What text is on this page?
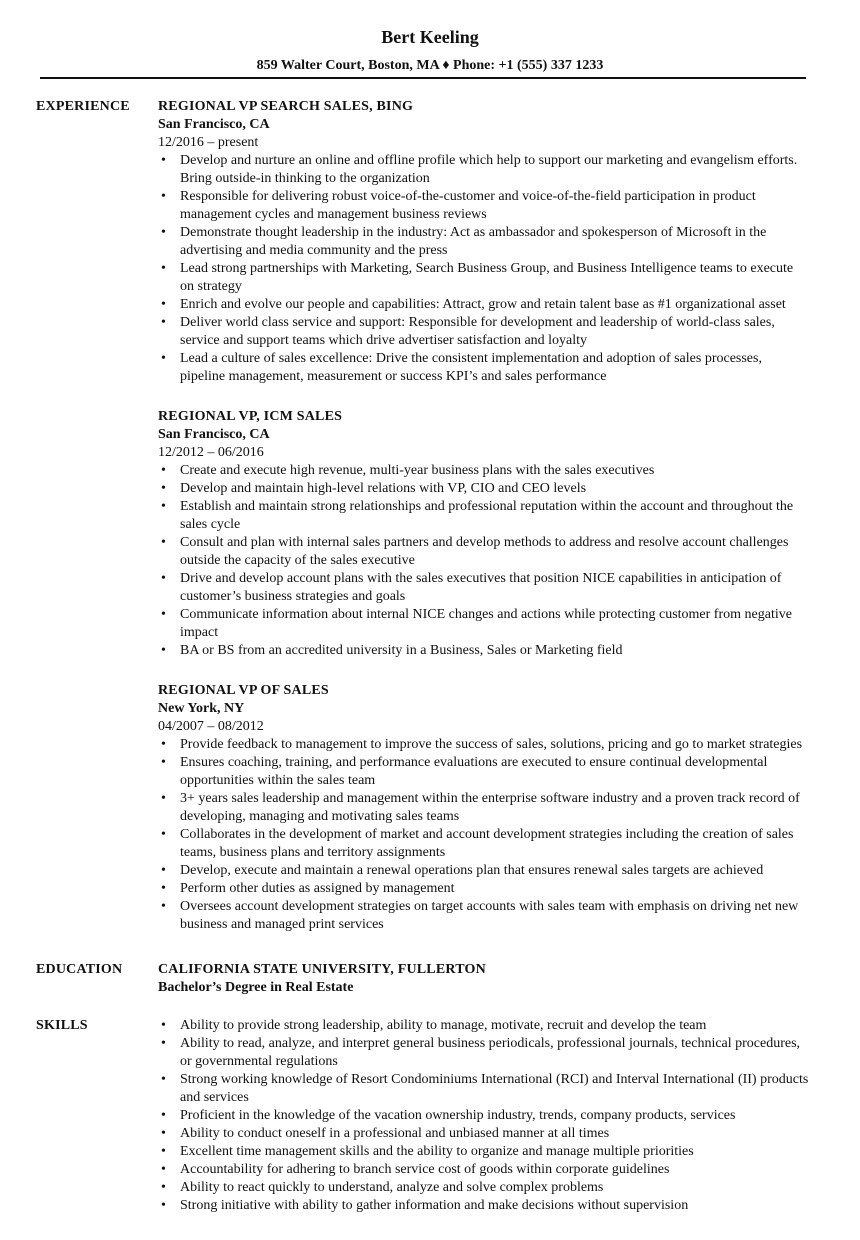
Bert Keeling
859 Walter Court, Boston, MA ♦ Phone: +1 (555) 337 1233
EXPERIENCE REGIONAL VP SEARCH SALES, BING
San Francisco, CA
12/2016 – present
• Develop and nurture an online and offline profile which help to support our marketing and evangelism efforts. Bring outside-in thinking to the organization
• Responsible for delivering robust voice-of-the-customer and voice-of-the-field participation in product management cycles and management business reviews
• Demonstrate thought leadership in the industry: Act as ambassador and spokesperson of Microsoft in the advertising and media community and the press
• Lead strong partnerships with Marketing, Search Business Group, and Business Intelligence teams to execute on strategy
• Enrich and evolve our people and capabilities: Attract, grow and retain talent base as #1 organizational asset
• Deliver world class service and support: Responsible for development and leadership of world-class sales, service and support teams which drive advertiser satisfaction and loyalty
• Lead a culture of sales excellence: Drive the consistent implementation and adoption of sales processes, pipeline management, measurement or success KPI’s and sales performance
REGIONAL VP, ICM SALES
San Francisco, CA
12/2012 – 06/2016
• Create and execute high revenue, multi-year business plans with the sales executives
• Develop and maintain high-level relations with VP, CIO and CEO levels
• Establish and maintain strong relationships and professional reputation within the account and throughout the sales cycle
• Consult and plan with internal sales partners and develop methods to address and resolve account challenges outside the capacity of the sales executive
• Drive and develop account plans with the sales executives that position NICE capabilities in anticipation of customer’s business strategies and goals
• Communicate information about internal NICE changes and actions while protecting customer from negative impact
• BA or BS from an accredited university in a Business, Sales or Marketing field
REGIONAL VP OF SALES
New York, NY
04/2007 – 08/2012
• Provide feedback to management to improve the success of sales, solutions, pricing and go to market strategies
• Ensures coaching, training, and performance evaluations are executed to ensure continual developmental opportunities within the sales team
• 3+ years sales leadership and management within the enterprise software industry and a proven track record of developing, managing and motivating sales teams
• Collaborates in the development of market and account development strategies including the creation of sales teams, business plans and territory assignments
• Develop, execute and maintain a renewal operations plan that ensures renewal sales targets are achieved
• Perform other duties as assigned by management
• Oversees account development strategies on target accounts with sales team with emphasis on driving net new business and managed print services
EDUCATION	CALIFORNIA STATE UNIVERSITY, FULLERTON
Bachelor’s Degree in Real Estate
SKILLS	• Ability to provide strong leadership, ability to manage, motivate, recruit and develop the team
• Ability to read, analyze, and interpret general business periodicals, professional journals, technical procedures, or governmental regulations
• Strong working knowledge of Resort Condominiums International (RCI) and Interval International (II) products and services
• Proficient in the knowledge of the vacation ownership industry, trends, company products, services
• Ability to conduct oneself in a professional and unbiased manner at all times
• Excellent time management skills and the ability to organize and manage multiple priorities
• Accountability for adhering to branch service cost of goods within corporate guidelines
• Ability to react quickly to understand, analyze and solve complex problems
• Strong initiative with ability to gather information and make decisions without supervision
